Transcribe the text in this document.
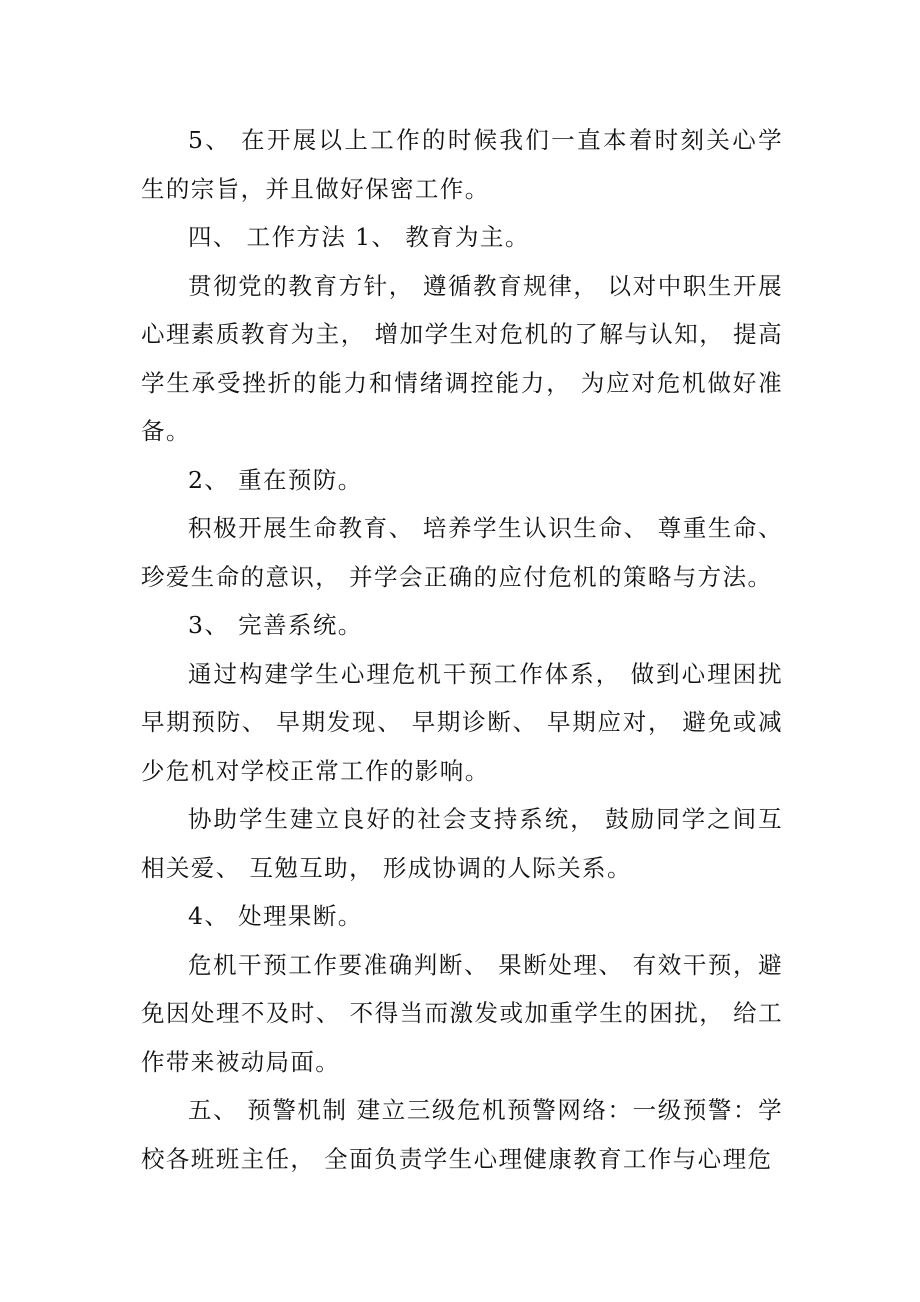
5、 在开展以上工作的时候我们一直本着时刻关心学生的宗旨，并且做好保密工作。

四、 工作方法 1、 教育为主。

贯彻党的教育方针， 遵循教育规律， 以对中职生开展心理素质教育为主， 增加学生对危机的了解与认知， 提高学生承受挫折的能力和情绪调控能力， 为应对危机做好准备。

2、 重在预防。

积极开展生命教育、 培养学生认识生命、 尊重生命、珍爱生命的意识， 并学会正确的应付危机的策略与方法。

3、 完善系统。

通过构建学生心理危机干预工作体系， 做到心理困扰早期预防、 早期发现、 早期诊断、 早期应对， 避免或减少危机对学校正常工作的影响。

协助学生建立良好的社会支持系统， 鼓励同学之间互相关爱、 互勉互助， 形成协调的人际关系。

4、 处理果断。

危机干预工作要准确判断、 果断处理、 有效干预，避免因处理不及时、 不得当而激发或加重学生的困扰， 给工作带来被动局面。

五、 预警机制 建立三级危机预警网络：一级预警：学校各班班主任， 全面负责学生心理健康教育工作与心理危
